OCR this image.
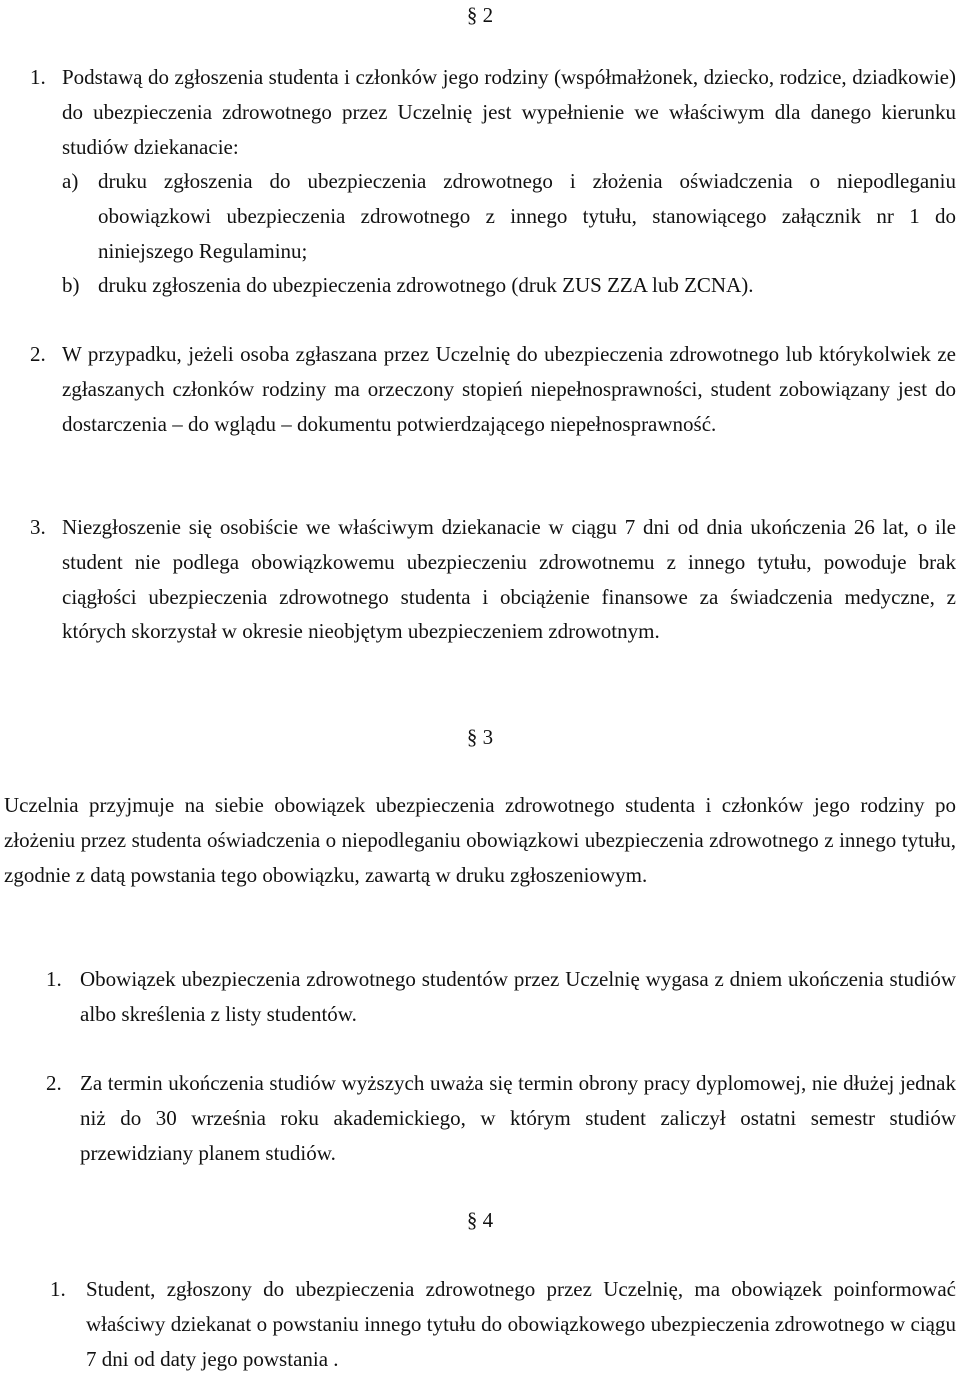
§ 2
1. Podstawą do zgłoszenia studenta i członków jego rodziny (współmałżonek, dziecko, rodzice, dziadkowie) do ubezpieczenia zdrowotnego przez Uczelnię jest wypełnienie we właściwym dla danego kierunku studiów dziekanacie:
a) druku zgłoszenia do ubezpieczenia zdrowotnego i złożenia oświadczenia o niepodleganiu obowiązkowi ubezpieczenia zdrowotnego z innego tytułu, stanowiącego załącznik nr 1 do niniejszego Regulaminu;
b) druku zgłoszenia do ubezpieczenia zdrowotnego (druk ZUS ZZA lub ZCNA).
2. W przypadku, jeżeli osoba zgłaszana przez Uczelnię do ubezpieczenia zdrowotnego lub którykolwiek ze zgłaszanych członków rodziny ma orzeczony stopień niepełnosprawności, student zobowiązany jest do dostarczenia – do wglądu – dokumentu potwierdzającego niepełnosprawność.
3. Niezgłoszenie się osobiście we właściwym dziekanacie w ciągu 7 dni od dnia ukończenia 26 lat, o ile student nie podlega obowiązkowemu ubezpieczeniu zdrowotnemu z innego tytułu, powoduje brak ciągłości ubezpieczenia zdrowotnego studenta i obciążenie finansowe za świadczenia medyczne, z których skorzystał w okresie nieobjętym ubezpieczeniem zdrowotnym.
§ 3
Uczelnia przyjmuje na siebie obowiązek ubezpieczenia zdrowotnego studenta i członków jego rodziny po złożeniu przez studenta oświadczenia o niepodleganiu obowiązkowi ubezpieczenia zdrowotnego z innego tytułu, zgodnie z datą powstania tego obowiązku, zawartą w druku zgłoszeniowym.
1. Obowiązek ubezpieczenia zdrowotnego studentów przez Uczelnię wygasa z dniem ukończenia studiów albo skreślenia z listy studentów.
2. Za termin ukończenia studiów wyższych uważa się termin obrony pracy dyplomowej, nie dłużej jednak niż do 30 września roku akademickiego, w którym student zaliczył ostatni semestr studiów przewidziany planem studiów.
§ 4
1. Student, zgłoszony do ubezpieczenia zdrowotnego przez Uczelnię, ma obowiązek poinformować właściwy dziekanat o powstaniu innego tytułu do obowiązkowego ubezpieczenia zdrowotnego w ciągu 7 dni od daty jego powstania .
